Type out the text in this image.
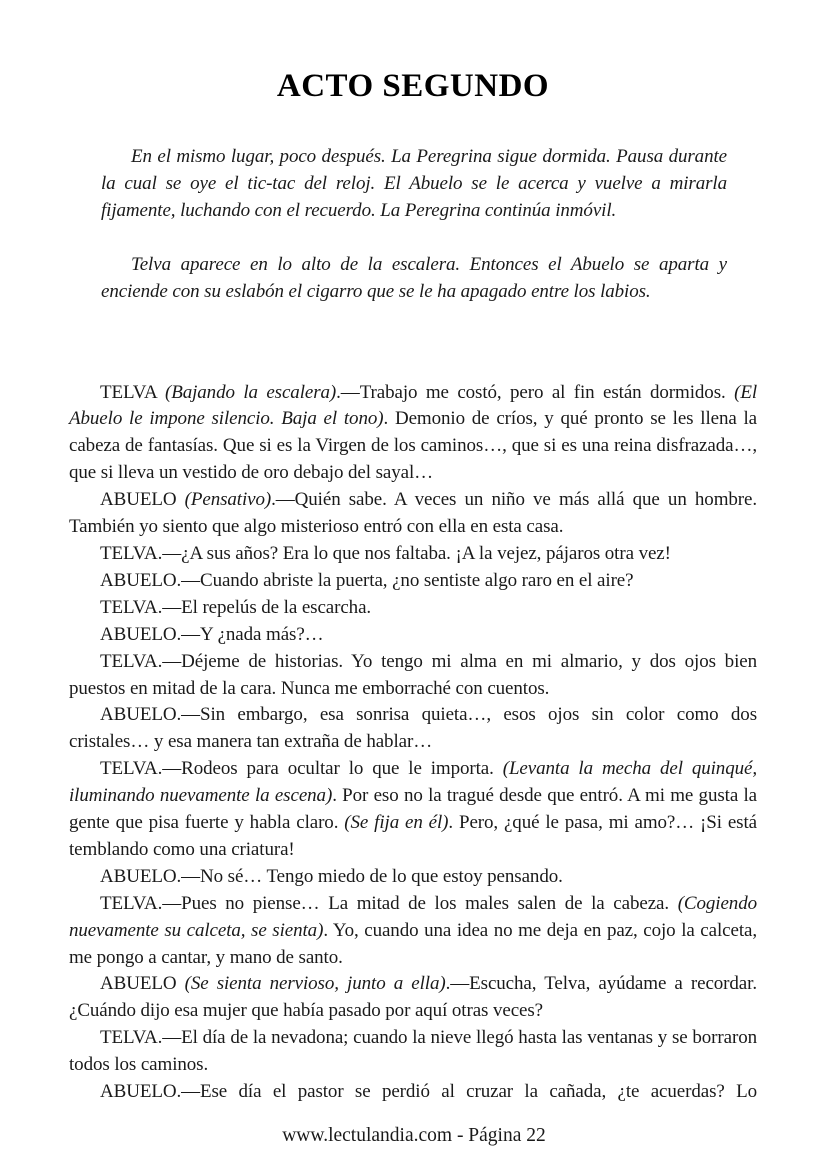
ACTO SEGUNDO

En el mismo lugar, poco después. La Peregrina sigue dormida. Pausa durante la cual se oye el tic-tac del reloj. El Abuelo se le acerca y vuelve a mirarla fijamente, luchando con el recuerdo. La Peregrina continúa inmóvil.

Telva aparece en lo alto de la escalera. Entonces el Abuelo se aparta y enciende con su eslabón el cigarro que se le ha apagado entre los labios.

TELVA (Bajando la escalera).—Trabajo me costó, pero al fin están dormidos. (El Abuelo le impone silencio. Baja el tono). Demonio de críos, y qué pronto se les llena la cabeza de fantasías. Que si es la Virgen de los caminos…, que si es una reina disfrazada…, que si lleva un vestido de oro debajo del sayal…

ABUELO (Pensativo).—Quién sabe. A veces un niño ve más allá que un hombre. También yo siento que algo misterioso entró con ella en esta casa.

TELVA.—¿A sus años? Era lo que nos faltaba. ¡A la vejez, pájaros otra vez!

ABUELO.—Cuando abriste la puerta, ¿no sentiste algo raro en el aire?

TELVA.—El repelús de la escarcha.

ABUELO.—Y ¿nada más?…

TELVA.—Déjeme de historias. Yo tengo mi alma en mi almario, y dos ojos bien puestos en mitad de la cara. Nunca me emborraché con cuentos.

ABUELO.—Sin embargo, esa sonrisa quieta…, esos ojos sin color como dos cristales… y esa manera tan extraña de hablar…

TELVA.—Rodeos para ocultar lo que le importa. (Levanta la mecha del quinqué, iluminando nuevamente la escena). Por eso no la tragué desde que entró. A mi me gusta la gente que pisa fuerte y habla claro. (Se fija en él). Pero, ¿qué le pasa, mi amo?… ¡Si está temblando como una criatura!

ABUELO.—No sé… Tengo miedo de lo que estoy pensando.

TELVA.—Pues no piense… La mitad de los males salen de la cabeza. (Cogiendo nuevamente su calceta, se sienta). Yo, cuando una idea no me deja en paz, cojo la calceta, me pongo a cantar, y mano de santo.

ABUELO (Se sienta nervioso, junto a ella).—Escucha, Telva, ayúdame a recordar. ¿Cuándo dijo esa mujer que había pasado por aquí otras veces?

TELVA.—El día de la nevadona; cuando la nieve llegó hasta las ventanas y se borraron todos los caminos.

ABUELO.—Ese día el pastor se perdió al cruzar la cañada, ¿te acuerdas? Lo

www.lectulandia.com - Página 22
